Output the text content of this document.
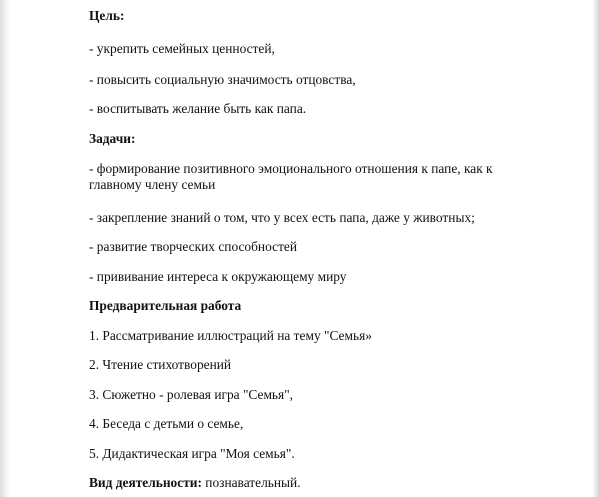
Цель:
- укрепить семейных ценностей,
- повысить социальную значимость отцовства,
- воспитывать желание быть как папа.
Задачи:
- формирование позитивного эмоционального отношения к папе, как к главному члену семьи
- закрепление знаний о том, что у всех есть папа, даже у животных;
- развитие творческих способностей
- прививание интереса к окружающему миру
Предварительная работа
1. Рассматривание иллюстраций на тему "Семья»
2. Чтение стихотворений
3. Сюжетно - ролевая игра "Семья",
4. Беседа с детьми о семье,
5. Дидактическая игра "Моя семья".
Вид деятельности: познавательный.
